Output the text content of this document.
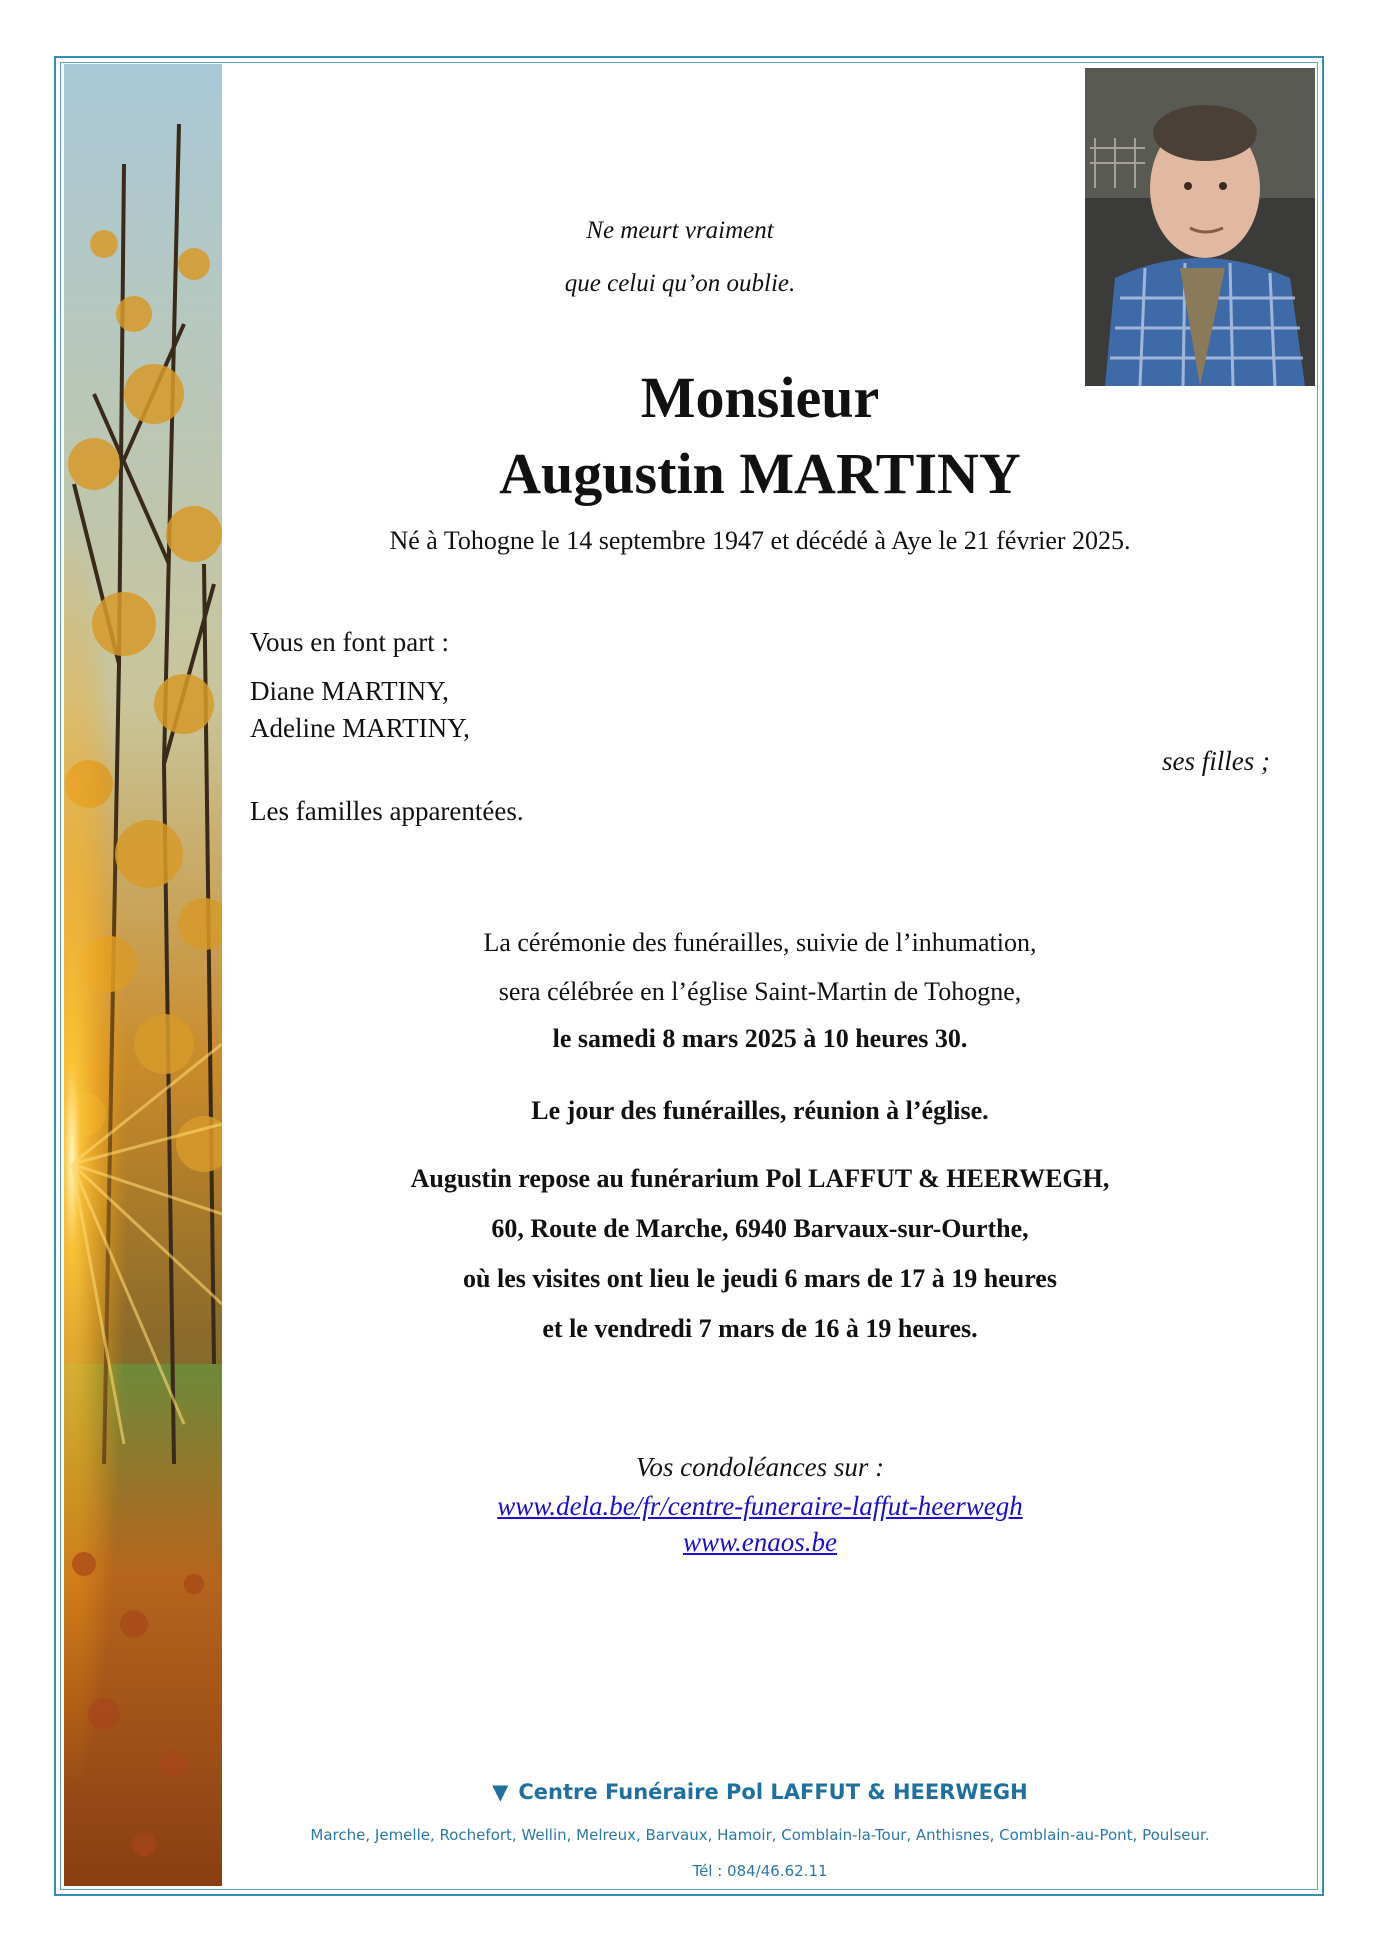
Ne meurt vraiment
que celui qu’on oublie.
Monsieur
Augustin MARTINY
Né à Tohogne le 14 septembre 1947 et décédé à Aye le 21 février 2025.
Vous en font part :
Diane MARTINY,
Adeline MARTINY,
ses filles ;
Les familles apparentées.
La cérémonie des funérailles, suivie de l’inhumation,
sera célébrée en l’église Saint-Martin de Tohogne,
le samedi 8 mars 2025 à 10 heures 30.
Le jour des funérailles, réunion à l’église.
Augustin repose au funérarium Pol LAFFUT & HEERWEGH,
60, Route de Marche, 6940 Barvaux-sur-Ourthe,
où les visites ont lieu le jeudi 6 mars de 17 à 19 heures
et le vendredi 7 mars de 16 à 19 heures.
Vos condoléances sur :
www.dela.be/fr/centre-funeraire-laffut-heerwegh
www.enaos.be
▼ Centre Funéraire Pol LAFFUT & HEERWEGH
Marche, Jemelle, Rochefort, Wellin, Melreux, Barvaux, Hamoir, Comblain-la-Tour, Anthisnes, Comblain-au-Pont, Poulseur.
Tél : 084/46.62.11
